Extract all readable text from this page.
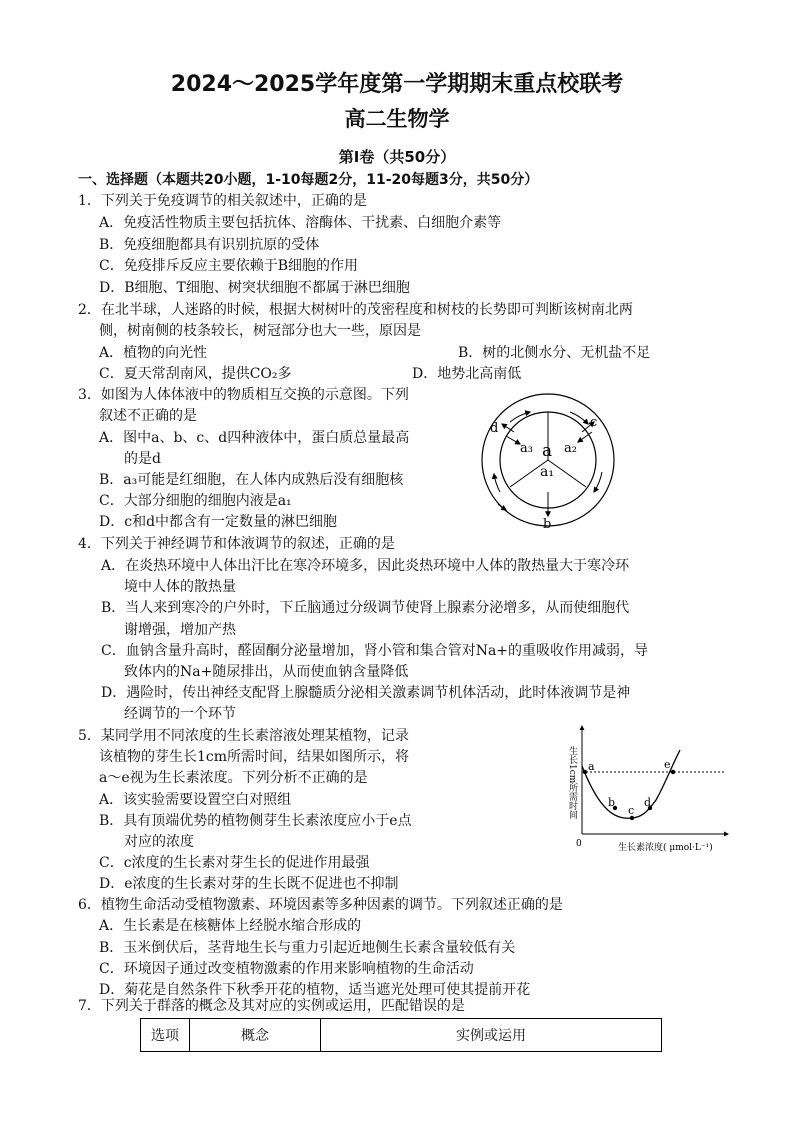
2024～2025学年度第一学期期末重点校联考
高二生物学
第Ⅰ卷（共50分）
一、选择题（本题共20小题，1-10每题2分，11-20每题3分，共50分）
1．下列关于免疫调节的相关叙述中，正确的是
A．免疫活性物质主要包括抗体、溶酶体、干扰素、白细胞介素等
B．免疫细胞都具有识别抗原的受体
C．免疫排斥反应主要依赖于B细胞的作用
D．B细胞、T细胞、树突状细胞不都属于淋巴细胞
2．在北半球，人迷路的时候，根据大树树叶的茂密程度和树枝的长势即可判断该树南北两
侧，树南侧的枝条较长，树冠部分也大一些，原因是
A．植物的向光性	B．树的北侧水分、无机盐不足
C．夏天常刮南风，提供CO₂多	D．地势北高南低
3．如图为人体体液中的物质相互交换的示意图。下列
叙述不正确的是
A．图中a、b、c、d四种液体中，蛋白质总量最高
的是d
B．a₃可能是红细胞，在人体内成熟后没有细胞核
C．大部分细胞的细胞内液是a₁
D．c和d中都含有一定数量的淋巴细胞
d	c
a₃ a₂
a
a₁
b
4．下列关于神经调节和体液调节的叙述，正确的是
A．在炎热环境中人体出汗比在寒冷环境多，因此炎热环境中人体的散热量大于寒冷环
境中人体的散热量
B．当人来到寒冷的户外时，下丘脑通过分级调节使肾上腺素分泌增多，从而使细胞代
谢增强，增加产热
C．血钠含量升高时，醛固酮分泌量增加，肾小管和集合管对Na+的重吸收作用减弱，导
致体内的Na+随尿排出，从而使血钠含量降低
D．遇险时，传出神经支配肾上腺髓质分泌相关激素调节机体活动，此时体液调节是神
经调节的一个环节
5．某同学用不同浓度的生长素溶液处理某植物，记录
该植物的芽生长1cm所需时间，结果如图所示，将
a～e视为生长素浓度。下列分析不正确的是
A．该实验需要设置空白对照组
B．具有顶端优势的植物侧芽生长素浓度应小于e点
对应的浓度
C．c浓度的生长素对芽生长的促进作用最强
D．e浓度的生长素对芽的生长既不促进也不抑制
生长1cm所需时间
生长素浓度( μmol·L⁻¹)
0
a
b
c
d
e
6．植物生命活动受植物激素、环境因素等多种因素的调节。下列叙述正确的是
A．生长素是在核糖体上经脱水缩合形成的
B．玉米倒伏后，茎背地生长与重力引起近地侧生长素含量较低有关
C．环境因子通过改变植物激素的作用来影响植物的生命活动
D．菊花是自然条件下秋季开花的植物，适当遮光处理可使其提前开花
7．下列关于群落的概念及其对应的实例或运用，匹配错误的是
选项	概念	实例或运用
